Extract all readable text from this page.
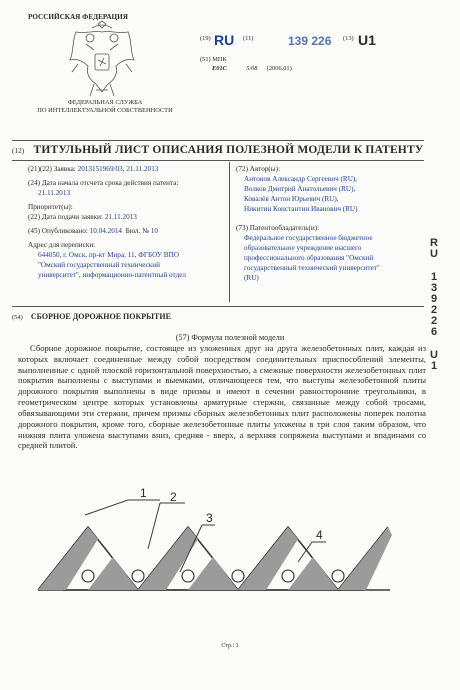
РОССИЙСКАЯ ФЕДЕРАЦИЯ
ФЕДЕРАЛЬНАЯ СЛУЖБА
ПО ИНТЕЛЛЕКТУАЛЬНОЙ СОБСТВЕННОСТИ
(19) RU (11)	139 226 (13) U1
(51) МПК
E01C	5/08 (2006.01)
(12) ТИТУЛЬНЫЙ ЛИСТ ОПИСАНИЯ ПОЛЕЗНОЙ МОДЕЛИ К ПАТЕНТУ
(21)(22) Заявка: 2013151969/03, 21.11.2013
(24) Дата начала отсчета срока действия патента:
21.11.2013
Приоритет(ы):
(22) Дата подачи заявки: 21.11.2013
(45) Опубликовано: 10.04.2014 Бюл. № 10
Адрес для переписки:
644050, г. Омск, пр-кт Мира, 11, ФГБОУ ВПО
"Омский государственный технический
университет", информационно-патентный отдел
(72) Автор(ы):
Антонов Александр Сергеевич (RU),
Волков Дмитрий Анатольевич (RU),
Ковалёв Антон Юрьевич (RU),
Никитин Константин Иванович (RU)
(73) Патентообладатель(и):
Федеральное государственное бюджетное
образовательное учреждение высшего
профессионального образования "Омский
государственный технический университет"
(RU)
R
U
1
3
9
2
2
6
U
1
(54) СБОРНОЕ ДОРОЖНОЕ ПОКРЫТИЕ
(57) Формула полезной модели
Сборное дорожное покрытие, состоящее из уложенных друг на друга железобетонных плит, каждая из которых включает соединенные между собой посредством соединительных приспособлений элементы, выполненные с одной плоской горизонтальной поверхностью, а смежные поверхности железобетонных плит покрытия выполнены с выступами и выемками, отличающееся тем, что выступы железобетонной плиты дорожного покрытия выполнены в виде призмы и имеют в сечении равносторонние треугольники, в геометрическом центре которых установлены арматурные стержни, связанные между собой тросами, обвязывающими эти стержни, причем призмы сборных железобетонных плит расположены поперек полотна дорожного покрытия, кроме того, сборные железобетонные плиты уложены в три слоя таким образом, что нижняя плита уложена выступами вниз, средняя - вверх, а верхняя сопряжена выступами и впадинами со средней плитой.
1 2
3
4
Стр.: 1
